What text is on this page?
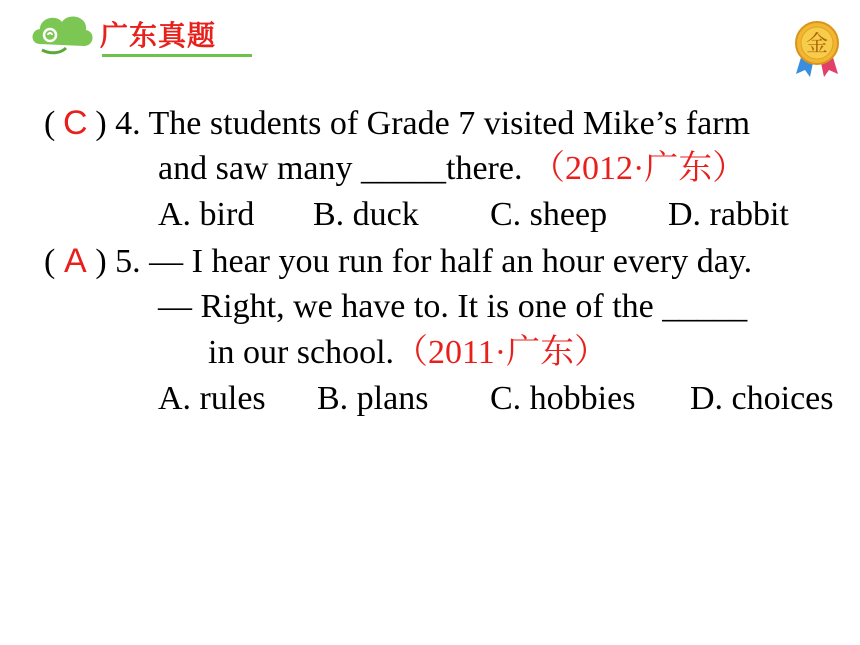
广东真题	金
( C ) 4. The students of Grade 7 visited Mike’s farm
and saw many _____there. （2012·广东）
A. bird B. duck C. sheep D. rabbit
( A ) 5. — I hear you run for half an hour every day.
— Right, we have to. It is one of the _____
in our school.（2011·广东）
A. rules B. plans C. hobbies D. choices
